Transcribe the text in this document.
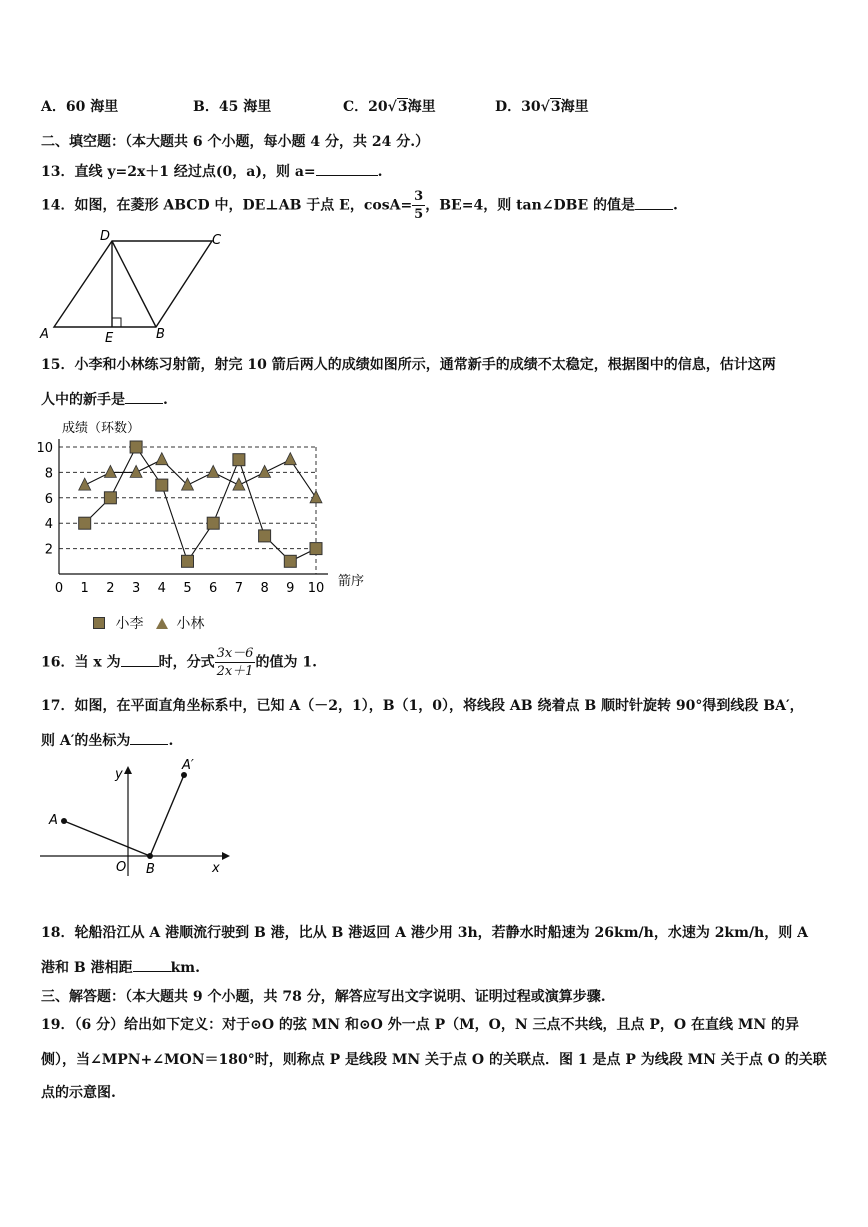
A．60 海里	B．45 海里	C．20√3海里	D．30√3海里
二、填空题：（本大题共 6 个小题，每小题 4 分，共 24 分.）
13．直线 y=2x＋1 经过点(0，a)，则 a=	.
14．如图，在菱形 ABCD 中，DE⊥AB 于点 E，$\cos A= \frac{3}{5}$ ，BE=4，则 tan∠DBE 的值是	.
D	C
A	E	B
15．小李和小林练习射箭，射完 10 箭后两人的成绩如图所示，通常新手的成绩不太稳定，根据图中的信息，估计这两
人中的新手是	.
成绩（环数）
箭序
2
4
6
8
10
0 1 2 3 4 5 6 7 8 9 10
小李 小林
16．当 x 为	时，分式 $\frac{3x-6}{2x+1}$ 的值为 1.
17．如图，在平面直角坐标系中，已知 A（－2，1），B（1，0），将线段 AB 绕着点 B 顺时针旋转 90°得到线段 BA′，
则 A′的坐标为	.
A
A′
O B	x
y
18．轮船沿江从 A 港顺流行驶到 B 港，比从 B 港返回 A 港少用 3h，若静水时船速为 26km/h，水速为 2km/h，则 A
港和 B 港相距	km.
三、解答题：（本大题共 9 个小题，共 78 分，解答应写出文字说明、证明过程或演算步骤.
19．（6 分）给出如下定义：对于⊙O 的弦 MN 和⊙O 外一点 P（M，O，N 三点不共线，且点 P，O 在直线 MN 的异
侧），当∠MPN+∠MON＝180°时，则称点 P 是线段 MN 关于点 O 的关联点．图 1 是点 P 为线段 MN 关于点 O 的关联
点的示意图.
